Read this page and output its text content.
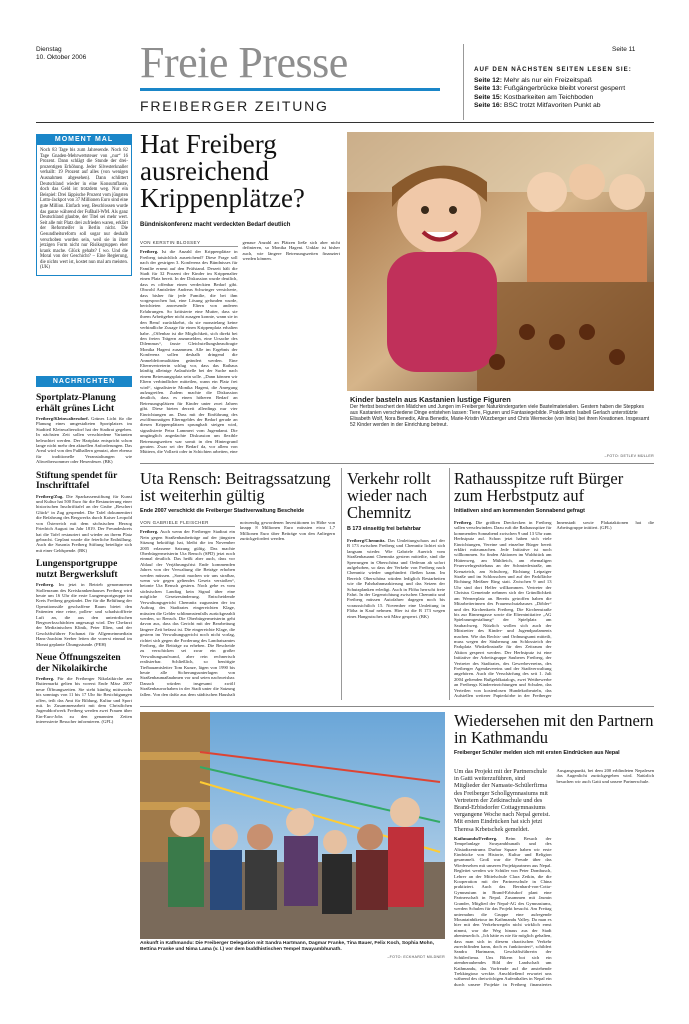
Dienstag
10. Oktober 2006 Freie Presse
FREIBERGER ZEITUNG
Seite 11
AUF DEN NÄCHSTEN SEITEN LESEN SIE:
Seite 12: Mehr als nur ein Freizeitspaß
Seite 13: Fußgängerbrücke bleibt vorerst gesperrt
Seite 15: Kostbarkeiten am Teichboden
Seite 16: BSC trotzt Mitfavoriten Punkt ab
MOMENT MAL
Noch 83 Tage bis zum Jahresende. Noch 82 Tage Gnaden-Mehrwertsteuer von „nur“ 16 Prozent. Dann schlägt die Stunde der drei-prozentigen Erhöhung. Jeder Silvesterknaller verhallt: 19 Prozent auf alles (von wenigen Ausnahmen abgesehen). Dann schlittert Deutschland wieder in eine Konsumflaute, doch das Geld ist trotzdem weg. Nur ein Beispiel: Drei läppische Prozent vom jüngsten Lotto-Jackpot von 37 Millionen Euro sind eine gute Million. Einfach weg. Beschlossen wurde das ganze während der Fußball-WM. Als ganz Deutschland glaubte, der Titel sei mehr wert. Seit alle mit Platz drei zufrieden waren, erklärt der Reformeifer in Berlin nicht. Die Gesundheitsreform soll sogar nur deshalb verschoben worden sein, weil sie in ihrer jetzigen Form nicht nur Risikogruppen eher krank mache. Glück gehabt? I wo. Und die Moral von der Geschicht? – Eine Regierung, die nichts wert ist, kostet nun mal am meisten. (UK)
NACHRICHTEN
Sportplatz-Planung erhält grünes Licht
Freiberg/Kleinwaltersdorf. Grünes Licht für die Planung eines umgestalteten Sportplatzes im Stadtteil Kleinwaltersdorf hat der Stadtrat gegeben. In nächsten Zeit sollen verschiedene Varianten beleuchtet werden. Der Hartplatz entspricht schon lange nicht mehr den aktuellen Anforderungen. Das Areal wird von den Fußballern genutzt, aber ebenso für traditionelle Veranstaltungen wie Altweibersommer oder Hexenfeuer. (BK)
Stiftung spendet für Inschrifttafel
Freiberg/Zug. Die Sparkassenstiftung für Kunst und Kultur hat 500 Euro für die Restaurierung einer historischen Inschrifttafel an der Grube „Beschert Glück“ in Zug gespendet. Die Tafel dokumentiert die Befahrung des Bergwerks durch Kaiser Leopold von Österreich mit dem sächsischen Herzog Friedrich August im Jahr 1819. Der Freundeskreis hat die Tafel restauriert und wieder an ihrem Platz gebracht. Geplant wurde die feierliche Enthüllung. Auch die Sasonia Freiberg Stiftung beteiligte sich mit einer Geldspende. (BK)
Lungensportgruppe nutzt Bergwerksluft
Freiberg. Im jetzt in Betrieb genommenen Stollenraum des Kreiskrankenhauses Freiberg wird heute um 16 Uhr die erste Lungensportgruppe im Kreis Freiberg gegründet. Der für die Belüftung der Operationssäle geschaffene Raum bietet den Patienten eine reine, pollen- und schadstofffreie Luft an, die aus den unterirdischen Bergwerksschächten angesaugt wird. Der Chefarzt der Medizinischen Klinik, Peter Illien, und der Geschäftsführer Fachanzt für Allgemeinmedizin Hans-Joachim Seeber leiten die vorerst einmal im Monat geplante Übungsstunde. (PEH)
Neue Öffnungszeiten der Nikolaikirche
Freiberg. Für die Freiberger Nikolaikirche am Buttermarkt gelten bis vorerst Ende März 2007 neue Öffnungszeiten. Sie steht künftig mittwochs bis sonntags von 11 bis 17 Uhr für Besichtigungen offen, teilt das Amt für Bildung, Kultur und Sport mit. In Zusammenarbeit mit dem Christlichen Jugenddorfwerk Freiberg werden zwei Frauen über Ein-Euro-Jobs zu den genannten Zeiten interessierte Besucher informieren. (GFL)
Hat Freiberg ausreichend Krippenplätze?
Bündniskonferenz macht verdeckten Bedarf deutlich
VON KERSTIN BLOSSEY
Freiberg. Ist die Anzahl der Krippenplätze in Freiberg tatsächlich ausreichend? Diese Frage soll nach der gestrigen 3. Konferenz des Bündnisses für Familie erneut auf den Prüfstand. Derzeit hält die Stadt für 32 Prozent der Kinder im Krippenalter einen Platz bereit. In der Diskussion wurde deutlich, dass es offenbar einen verdeckten Bedarf gibt. Obwohl Amtsleiter Andreas Schwinger versicherte, dass bisher für jede Familie, die bei ihm vorgesprochen hat, eine Lösung gefunden wurde, berichteten anwesende Eltern von anderen Erfahrungen. So kritisierte eine Mutter, dass sie ihrem Arbeitgeber nicht zusagen konnte, wann sie in den Beruf zurückkehrt, da sie monatelang keine verbindliche Zusage für einen Krippenplatz erhalten habe. „Offenbar ist die Möglichkeit, sich direkt bei den freien Trägern anzumelden, eine Ursache des Dilemmas“, fasste Gleichstellungsbeauftragte Monika Hageni zusammen. Alle im Ergebnis der Konferenz sollen deshalb dringend die Anmeldeformalitäten geändert werden. Eine Elternvertreterin schlug vor, dass das Rathaus künftig alleinige Anlaufstelle bei der Suche nach einem Betreuungsplatz sein solle. „Dann können wir Eltern verbindlicher mitteilen, wann ein Platz frei wird“, signalisierte Monika Hageni, die Anregung aufzugreifen. Zudem machte die Diskussion deutlich, dass es einen höheren Bedarf an Betreuungsplätzen für Kinder unter zwei Jahren gibt. Diese bieten derzeit allerdings nur vier Einrichtungen an. Dass mit der Einführung des zwölfmonatigen Elterngeldes der Bedarf gerade an diesen Krippenplätzen sprunghaft steigen wird, signalisierte Petra Lammert vom Jugendamt. Die umgänglich angedachte Diskussion um flexible Betreuungszeiten war somit in den Hintergrund geraten. Zwar sei der Bedarf da, vor allem von Müttern, die Vollzeit oder in Schichten arbeiten, eine genaue Anzahl an Plätzen ließe sich aber nicht definieren, so Monika Hageni. Unklar ist bisher auch, wie längere Betreuungszeiten finanziert werden können.
Kinder basteln aus Kastanien lustige Figuren
Der Herbst beschert den Mädchen und Jungen im Freiberger Naturkindergarten viele Bastelmaterialien. Gestern haben die Steppkes aus Kastanien verschiedene Dinge entstehen lassen: Tiere, Figuren und Fantasiegebilde. Praktikantin Isabell Gerlach unterstützte Elisabeth Wolf, Nora Benedix, Alina Benedix, Marie-Kristin Würzberger und Chris Wernecke (von links) bei ihren Kreationen. Insgesamt 52 Kinder werden in der Einrichtung betreut.
–FOTO: DETLEV MÜLLER
Uta Rensch: Beitragssatzung ist weiterhin gültig
Ende 2007 verschickt die Freiberger Stadtverwaltung Bescheide
VON GABRIELE FLEISCHER
Freiberg. Auch wenn der Freiberger Stadtrat ein Nein gegen Straßenbaubeiträge auf der jüngsten Sitzung bekräftigt hat, bleibt die im November 2005 erlassene Satzung gültig. Das machte Oberbürgermeisterin Uta Rensch (SPD) jetzt noch einmal deutlich. Das heißt aber auch, dass vor Ablauf der Verjährungsfrist Ende kommenden Jahres von der Verwaltung die Beträge erhoben werden müssen. „Somit machen wir uns strafbar, wenn wir gegen geltendes Gesetz verstoßen“, betonte Uta Rensch gestern. Noch gebe es vom sächsischen Landtag kein Signal über eine mögliche Gesetzesänderung. Entscheidende Verwaltungsgericht Chemnitz zugunsten der im Auftrag des Stadtrates eingereichten Klage, müssten die Gelder schlimmstenfalls zurückgezahlt werden, so Rensch. Die Oberbürgermeisterin geht davon aus, dass das Gericht mit der Bearbeitung längere Zeit befasst ist. Die eingereichte Klage, die gestern im Verwaltungsgericht noch nicht vorlag, richtet sich gegen die Forderung des Landratsamtes Freiberg, die Beiträge zu erheben. Die Bescheide zu verschicken sei zwar ein großer Verwaltungsaufwand, aber rein rechnerisch realisierbar. Schließlich, so benötigte Tiefbauamtsleiter Tom Kunze, lägen von 1990 bis heute alle Sicherungsunterlagen von Straßenbaumaßnahmen vor und seien nachweisbar. Danach würden insgesamt zwölf Straßenbauvorhaben in der Stadt unter die Satzung fallen. Von den dafür aus dem städtischen Haushalt notwendig gewordenen Investitionen in Höhe von knapp 8 Millionen Euro müssten etwa 1,7 Millionen Euro über Beiträge von den Anliegern zurückgefordert werden.
Verkehr rollt wieder nach Chemnitz
B 173 einseitig frei befahrbar
Freiberg/Chemnitz. Das Umleitungschaos auf der B 173 zwischen Freiberg und Chemnitz lichtet sich langsam wieder. Wie Gabriele Auerich vom Straßenbauamt Chemnitz gestern mitteilte, sind die Sperrungen in Oberschöna und Oederan ab sofort aufgehoben, so dass der Verkehr von Freiberg nach Chemnitz wieder ungehindert fließen kann. Im Bereich Oberschöna würden lediglich Restarbeiten wie die Fahrbahnmarkierung und das Setzen der Schutzplanken erledigt. Auch in Flöha herrscht freie Fahrt. In der Gegenrichtung zwischen Chemnitz und Freiberg müssen Autofahrer dagegen noch bis voraussichtlich 15. November eine Umleitung in Flöha in Kauf nehmen. Hier ist die B 173 wegen eines Hangrutsches seit März gesperrt. (BK)
Rathausspitze ruft Bürger zum Herbstputz auf
Initiativen sind am kommenden Sonnabend gefragt
Freiberg. Die größten Dreckecken in Freiberg sollen verschwinden. Dazu ruft die Rathausspitze für kommenden Sonnabend zwischen 9 und 13 Uhr zum Herbstputz auf. Schon jetzt haben sich viele Einrichtungen, Vereine und einzelne Bürger bereit erklärt mitzumachen. Jede Initiative ist noch willkommen. So finden Aktionen im Waldstück am Hüttenweg, am Mühlteich, am ehemaligen Feuerwehrgerätehaus an der Schmiedestraße, am Kreuzteich, am Schulweg, Richtung Leipziger Straße und im Schlosschen und auf der Parkfläche Richtung Meißner Ring statt. Zwischen 9 und 13 Uhr sind dort Helfer willkommen. Vertreter der Christus Gemeinde nehmen sich der Gründlichkeit am Wernerplatz an. Bereits getroffen haben die Mitarbeiterinnen des Frauenschutzhauses „Döbler“ und des Kirchenkreis Freiberg. Die Kirchenstraße bis zur Rinnengasse sowie die Elterninitiative „AG Spielraumgestaltung“ der Spielplatz am Saubachweg. Nützlich wollen sich auch der Mitstreiter des Kinder- und Jugendparlaments machen. Wie das Rechts- und Ordnungsamt mitteilt, muss wegen der Säuberung am Schlossteich der Parkplatz Winkelinstraße für den Zeitraum der Aktion gesperrt werden. Der Herbstputz ist eine Initiative der Arbeitsgruppe Sauberes Freiberg, der Vertreter des Stadtrates, des Gewerbevereins, des Freiberger Agendavereins und der Stadtverwaltung angehören. Auch die Verschärfung des seit 1. Juli 2004 geltenden Bußgeldkatalogs, zwei Wettbewerbe an Freibergs Kindereinrichtungen und Schulen, das Verteilen von kostenlosen Hundekotbeuteln, das Aufstellen weiterer Papierkörbe in der Freiberger Innenstadt sowie Plakataktionen hat die Arbeitsgruppe initiiert. (GFL)
Ankunft in Kathmandu: Die Freiberger Delegation mit Sandra Hartmann, Dagmar Franke, Tina Bauer, Felix Koch, Sophia Mohn, Bettina Franke und Nima Lama (v. l.) vor dem buddhistischen Tempel Swayambhunath.
–FOTO: ECKHARDT MILDNER
Wiedersehen mit den Partnern in Kathmandu
Freiberger Schüler melden sich mit ersten Eindrücken aus Nepal
Um das Projekt mit der Partnerschule in Gatti weiterzuführen, sind Mitglieder der Namaste-Schülerfirma des Freiberger Schollgymnasiums mit Vertretern der Zetkinschule und des Brand-Erbisdorfer Cottagymnasiums vergangene Woche nach Nepal gereist. Mit ersten Eindrücken hat sich jetzt Theresa Krbetschek gemeldet.
Kathmandu/Freiberg. Beim Besuch der Tempelanlage Swayambhunath und des Altstadtzentrums Durbar Square haben wir erste Eindrücke von Historie, Kultur und Religion gesammelt. Groß war die Freude über das Wiedersehen mit unseren Projektpartnern aus Nepal. Begleitet werden wir Schüler von Peter Dombusch, Lehrer an der Mittelschule Clara Zetkin, die die Kooperation mit der Partnerschule in China praktiziert. Auch das Bernhard-von-Cotta-Gymnasium in Brand-Erbisdorf plant eine Partnerschaft in Nepal. Zusammen mit Jasmin Grander, Mitglied der Nepal-AG des Gymnasiums, werden Schulen für das Projekt besucht. Am Freitag unternahm die Gruppe eine aufregende Mountainbiketour im Kathmandu Valley. Da man es hier mit den Verkehrsregeln nicht wirklich ernst nimmt, war die Weg hinaus aus der Stadt abenteuerlich. „Ich hätte es nie für möglich gehalten, dass man sich in diesem chaotischen Verkehr zurechtfinden kann, doch es funktioniert“, schildert Sandra Hartmann, Geschäftsführerin der Schülerfirma. Uns Bikern bot sich ein atemberaubendes Bild der Landschaft um Kathmandu, das Vorfreude auf die anstehende Trekkingtour weckte. Anschließend erwartet uns während des dreiwöchigen Aufenthaltes in Nepal ein durch unsere Projekte in Freiberg finanziertes Ausgangspunkt, bei dem 200 erblindeten Nepalesen das Augenlicht zurückgegeben wird. Natürlich besuchen wir auch Gatti und unsere Partnerschule.
